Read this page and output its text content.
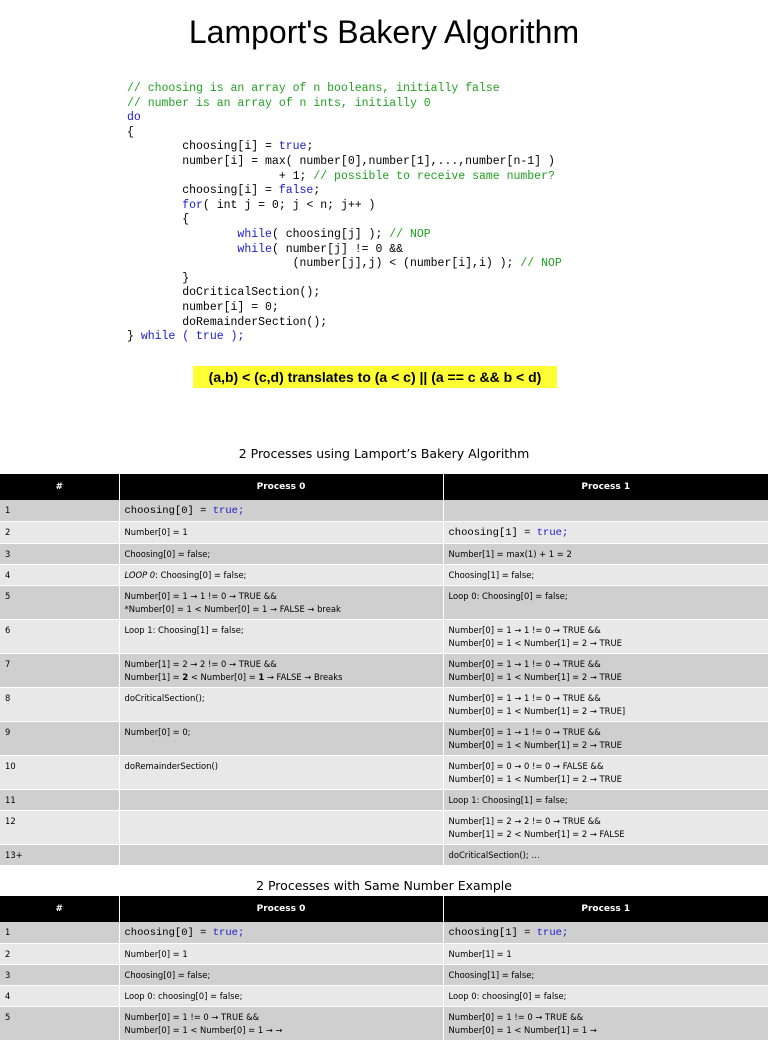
Lamport's Bakery Algorithm
// choosing is an array of n booleans, initially false
// number is an array of n ints, initially 0
do
{
choosing[i] = true;
number[i] = max( number[0],number[1],...,number[n-1] )
+ 1; // possible to receive same number?
choosing[i] = false;
for( int j = 0; j < n; j++ )
{
while( choosing[j] ); // NOP
while( number[j] != 0 &&
(number[j],j) < (number[i],i) ); // NOP
}
doCriticalSection();
number[i] = 0;
doRemainderSection();
} while ( true );
(a,b) < (c,d) translates to (a < c) || (a == c && b < d)
2 Processes using Lamport’s Bakery Algorithm
#	Process 0	Process 1
1	choosing[0] = true;	

2	Number[0] = 1	choosing[1] = true;

3	Choosing[0] = false;	Number[1] = max(1) + 1 = 2

4	LOOP 0: Choosing[0] = false;	Choosing[1] = false;

5	Number[0] = 1 → 1 != 0 → TRUE &&
*Number[0] = 1 < Number[0] = 1 → FALSE → break	Loop 0: Choosing[0] = false;

6	Loop 1: Choosing[1] = false;	Number[0] = 1 → 1 != 0 → TRUE &&
Number[0] = 1 < Number[1] = 2 → TRUE

7	Number[1] = 2 → 2 != 0 → TRUE &&
Number[1] = 2 < Number[0] = 1 → FALSE → Breaks	Number[0] = 1 → 1 != 0 → TRUE &&
Number[0] = 1 < Number[1] = 2 → TRUE

8	doCriticalSection();	Number[0] = 1 → 1 != 0 → TRUE &&
Number[0] = 1 < Number[1] = 2 → TRUE]

9	Number[0] = 0;	Number[0] = 1 → 1 != 0 → TRUE &&
Number[0] = 1 < Number[1] = 2 → TRUE

10	doRemainderSection()	Number[0] = 0 → 0 != 0 → FALSE &&
Number[0] = 1 < Number[1] = 2 → TRUE

11		Loop 1: Choosing[1] = false;

12		Number[1] = 2 → 2 != 0 → TRUE &&
Number[1] = 2 < Number[1] = 2 → FALSE

13+		doCriticalSection(); …
2 Processes with Same Number Example
#	Process 0	Process 1
1	choosing[0] = true;	choosing[1] = true;

2	Number[0] = 1	Number[1] = 1

3	Choosing[0] = false;	Choosing[1] = false;

4	Loop 0: choosing[0] = false;	Loop 0: choosing[0] = false;

5	Number[0] = 1 != 0 → TRUE &&
Number[0] = 1 < Number[0] = 1 → →	Number[0] = 1 != 0 → TRUE &&
Number[0] = 1 < Number[1] = 1 →
